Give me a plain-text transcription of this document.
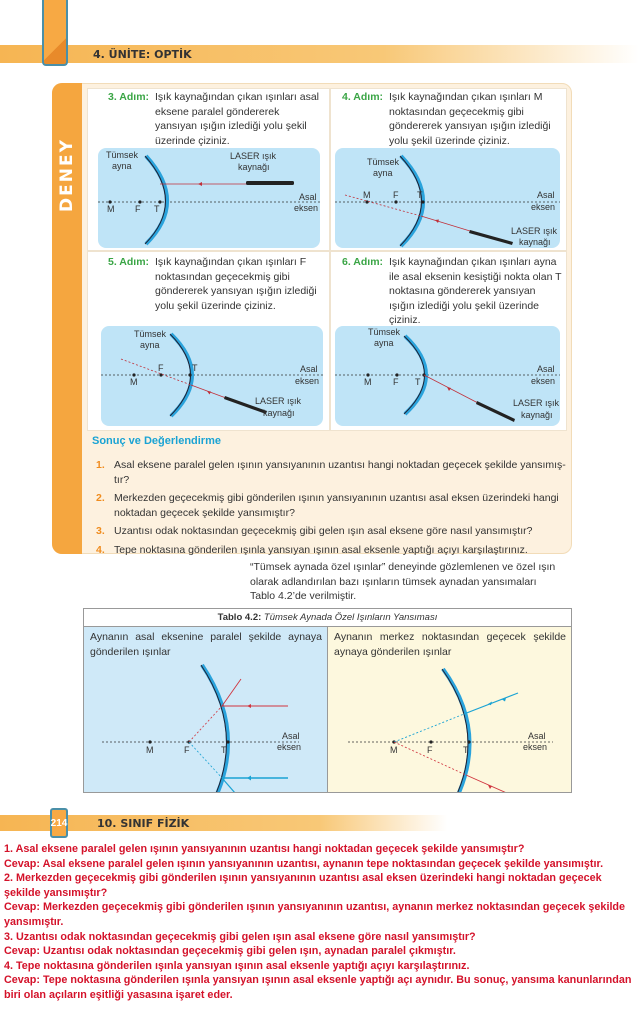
4. ÜNİTE: OPTİK
DENEY
3. Adım: Işık kaynağından çıkan ışınları asal eksene paralel göndererek yansıyan ışığın izlediği yolu şekil üzerinde çiziniz.
4. Adım: Işık kaynağından çıkan ışınları M noktasından geçecekmiş gibi göndererek yansıyan ışığın izlediği yolu şekil üzerinde çiziniz.
5. Adım: Işık kaynağından çıkan ışınları F noktasından geçecekmiş gibi göndererek yansıyan ışığın izlediği yolu şekil üzerinde çiziniz.
6. Adım: Işık kaynağından çıkan ışınları ayna ile asal eksenin kesiştiği nokta olan T noktasına göndererek yansıyan ışığın izlediği yolu şekil üzerinde çiziniz.
Tümsek
ayna
LASER ışık
kaynağı
Asal
eksen
M F T
Tümsek
ayna
LASER ışık
kaynağı
Asal
eksen
M	F T
Tümsek
ayna
LASER ışık
kaynağı
Asal
eksen
M
F	T
Tümsek
ayna
LASER ışık
kaynağı
Asal
eksen
M F T
Sonuç ve Değerlendirme
1. Asal eksene paralel gelen ışının yansıyanının uzantısı hangi noktadan geçecek şekilde yansımış-tır?
2. Merkezden geçecekmiş gibi gönderilen ışının yansıyanının uzantısı asal eksen üzerindeki hangi noktadan geçecek şekilde yansımıştır?
3. Uzantısı odak noktasından geçecekmiş gibi gelen ışın asal eksene göre nasıl yansımıştır?
4. Tepe noktasına gönderilen ışınla yansıyan ışının asal eksenle yaptığı açıyı karşılaştırınız.
“Tümsek aynada özel ışınlar” deneyinde gözlemlenen ve özel ışın olarak adlandırılan bazı ışınların tümsek aynadan yansımaları Tablo 4.2’de verilmiştir.
Tablo 4.2: Tümsek Aynada Özel Işınların Yansıması
Aynanın asal eksenine paralel şekilde aynaya gönderilen ışınlar
Asal
eksen
M	F	T
Aynanın merkez noktasından geçecek şekilde aynaya gönderilen ışınlar
Asal
eksen
M	F	T
214	10. SINIF FİZİK
1. Asal eksene paralel gelen ışının yansıyanının uzantısı hangi noktadan geçecek şekilde yansımıştır?
Cevap: Asal eksene paralel gelen ışının yansıyanının uzantısı, aynanın tepe noktasından geçecek şekilde yansımıştır.
2. Merkezden geçecekmiş gibi gönderilen ışının yansıyanının uzantısı asal eksen üzerindeki hangi noktadan geçecek şekilde yansımıştır?
Cevap: Merkezden geçecekmiş gibi gönderilen ışının yansıyanının uzantısı, aynanın merkez noktasından geçecek şekilde yansımıştır.
3. Uzantısı odak noktasından geçecekmiş gibi gelen ışın asal eksene göre nasıl yansımıştır?
Cevap: Uzantısı odak noktasından geçecekmiş gibi gelen ışın, aynadan paralel çıkmıştır.
4. Tepe noktasına gönderilen ışınla yansıyan ışının asal eksenle yaptığı açıyı karşılaştırınız.
Cevap: Tepe noktasına gönderilen ışınla yansıyan ışının asal eksenle yaptığı açı aynıdır. Bu sonuç, yansıma kanunlarından biri olan açıların eşitliği yasasına işaret eder.
